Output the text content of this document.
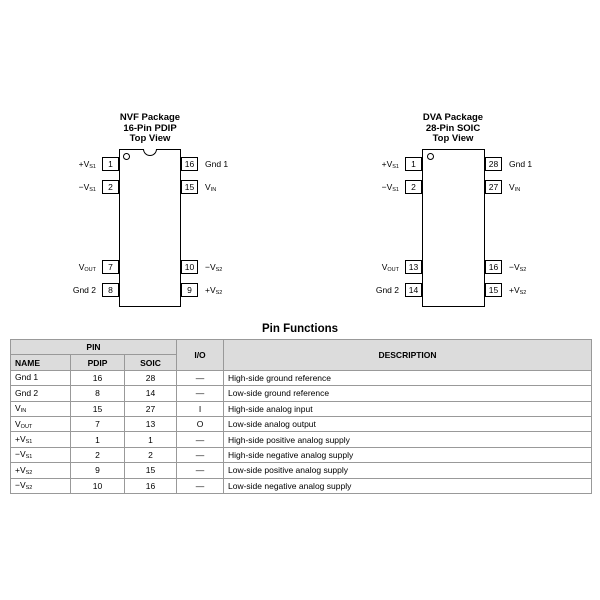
NVF Package
16-Pin PDIP
Top View
$+V_{S1}$	1
$-V_{S1}$	2
$V_{OUT}$	7
Gnd 2	8
16	Gnd 1
15	$V_{IN}$
10	$-V_{S2}$
9	$+V_{S2}$
DVA Package
28-Pin SOIC
Top View
$+V_{S1}$	1
$-V_{S1}$	2
$V_{OUT}$	13
Gnd 2	14
28	Gnd 1
27	$V_{IN}$
16	$-V_{S2}$
15	$+V_{S2}$
Pin Functions
PIN			I/O	DESCRIPTION
NAME	PDIP	SOIC		
Gnd 1	16	28	—	High-side ground reference
Gnd 2	8	14	—	Low-side ground reference
$V_{IN}$	15	27	I	High-side analog input
$V_{OUT}$	7	13	O	Low-side analog output
$+V_{S1}$	1	1	—	High-side positive analog supply
$-V_{S1}$	2	2	—	High-side negative analog supply
$+V_{S2}$	9	15	—	Low-side positive analog supply
$-V_{S2}$	10	16	—	Low-side negative analog supply
